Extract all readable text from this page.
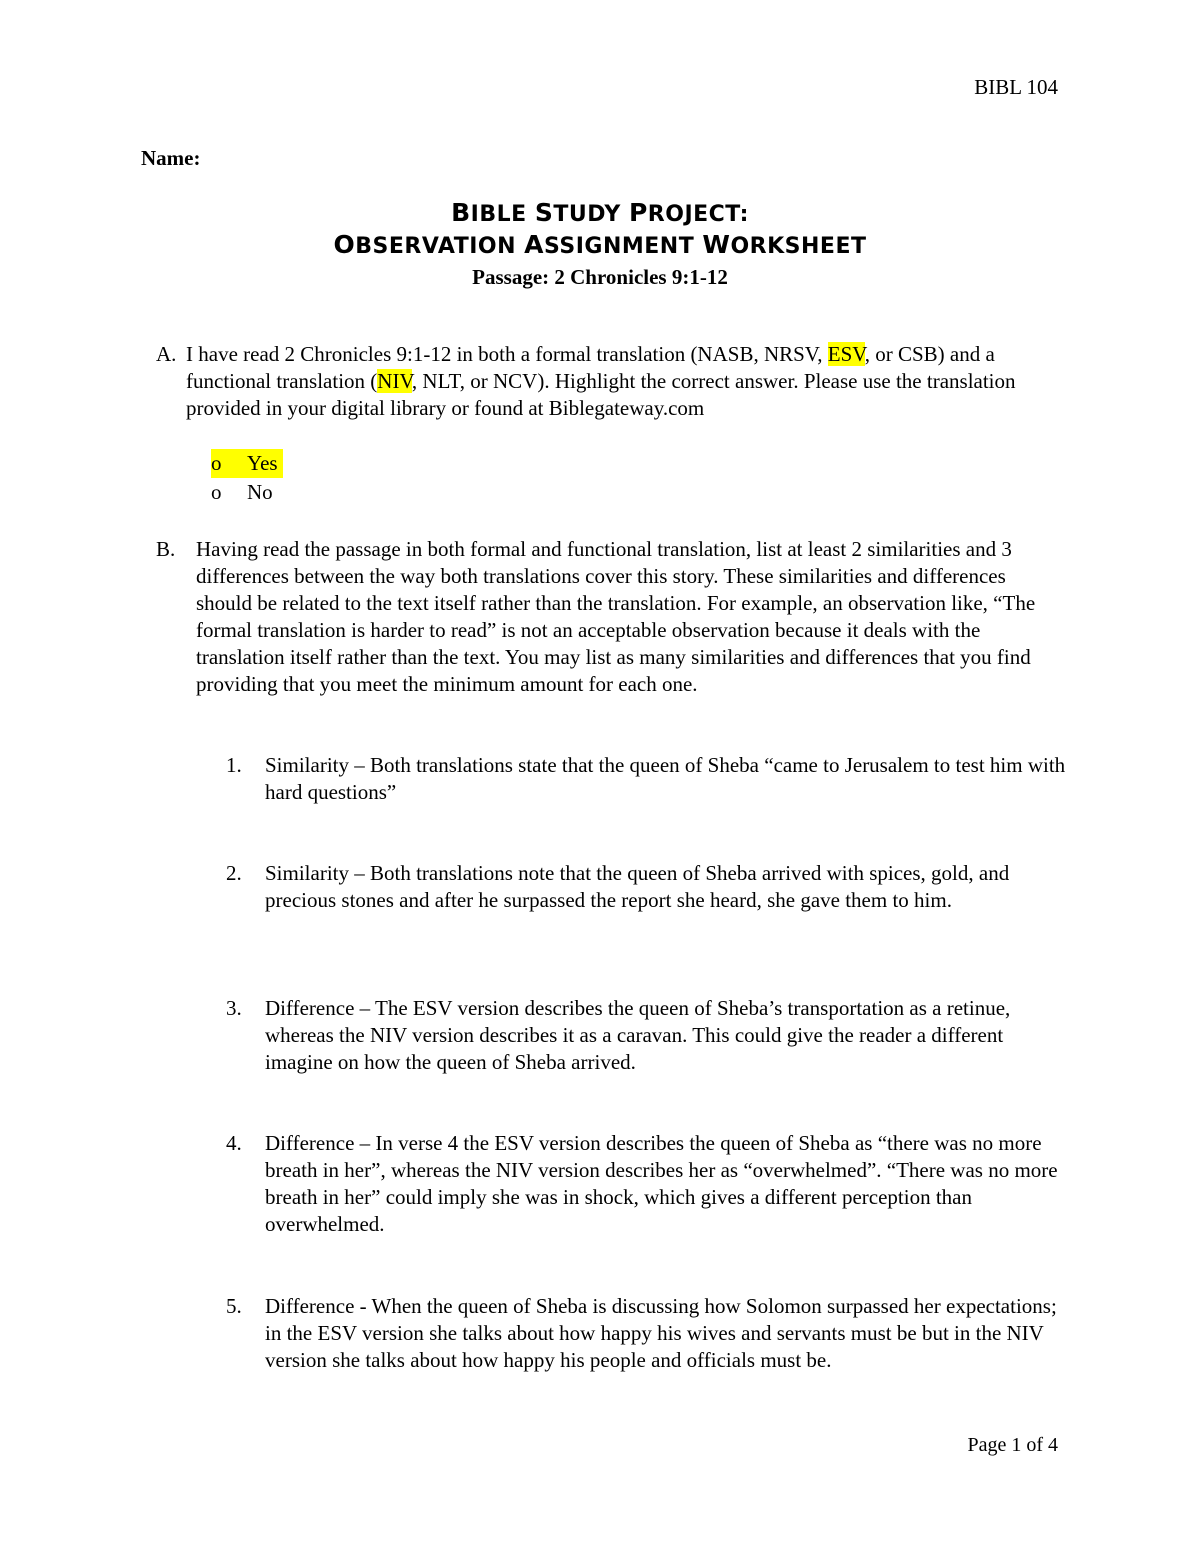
BIBL 104
Name:
BIBLE STUDY PROJECT:
OBSERVATION ASSIGNMENT WORKSHEET
Passage: 2 Chronicles 9:1-12
A. I have read 2 Chronicles 9:1-12 in both a formal translation (NASB, NRSV, ESV, or CSB) and a functional translation (NIV, NLT, or NCV). Highlight the correct answer. Please use the translation provided in your digital library or found at Biblegateway.com
o	Yes
o	No
B. Having read the passage in both formal and functional translation, list at least 2 similarities and 3 differences between the way both translations cover this story. These similarities and differences should be related to the text itself rather than the translation. For example, an observation like, “The formal translation is harder to read” is not an acceptable observation because it deals with the translation itself rather than the text. You may list as many similarities and differences that you find providing that you meet the minimum amount for each one.
1. Similarity – Both translations state that the queen of Sheba “came to Jerusalem to test him with hard questions”
2. Similarity – Both translations note that the queen of Sheba arrived with spices, gold, and precious stones and after he surpassed the report she heard, she gave them to him.
3. Difference – The ESV version describes the queen of Sheba’s transportation as a retinue, whereas the NIV version describes it as a caravan. This could give the reader a different imagine on how the queen of Sheba arrived.
4. Difference – In verse 4 the ESV version describes the queen of Sheba as “there was no more breath in her”, whereas the NIV version describes her as “overwhelmed”. “There was no more breath in her” could imply she was in shock, which gives a different perception than overwhelmed.
5. Difference - When the queen of Sheba is discussing how Solomon surpassed her expectations; in the ESV version she talks about how happy his wives and servants must be but in the NIV version she talks about how happy his people and officials must be.
Page 1 of 4
